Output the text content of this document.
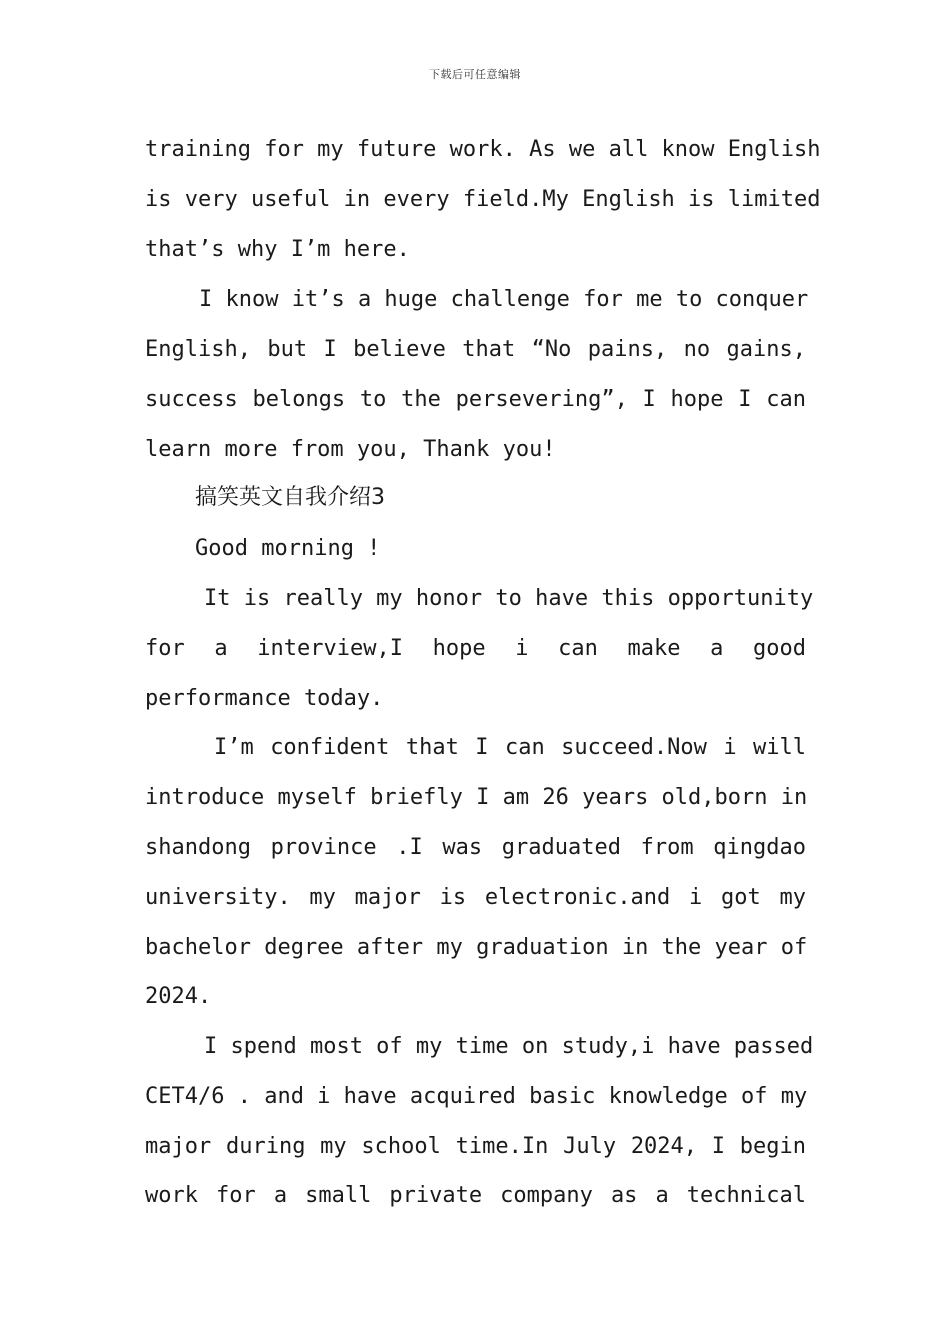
下载后可任意编辑
training for my future work. As we all know English
is very useful in every field.My English is limited
that’s why I’m here.
I know it’s a huge challenge for me to conquer
English, but I believe that “No pains, no gains,
success belongs to the persevering”, I hope I can
learn more from you, Thank you!
搞笑英文自我介绍3
Good morning !
It is really my honor to have this opportunity
for a interview,I hope i can make a good
performance today.
I’m confident that I can succeed.Now i will
introduce myself briefly I am 26 years old,born in
shandong province .I was graduated from qingdao
university. my major is electronic.and i got my
bachelor degree after my graduation in the year of
2024.
I spend most of my time on study,i have passed
CET4/6 . and i have acquired basic knowledge of my
major during my school time.In July 2024, I begin
work for a small private company as a technical
